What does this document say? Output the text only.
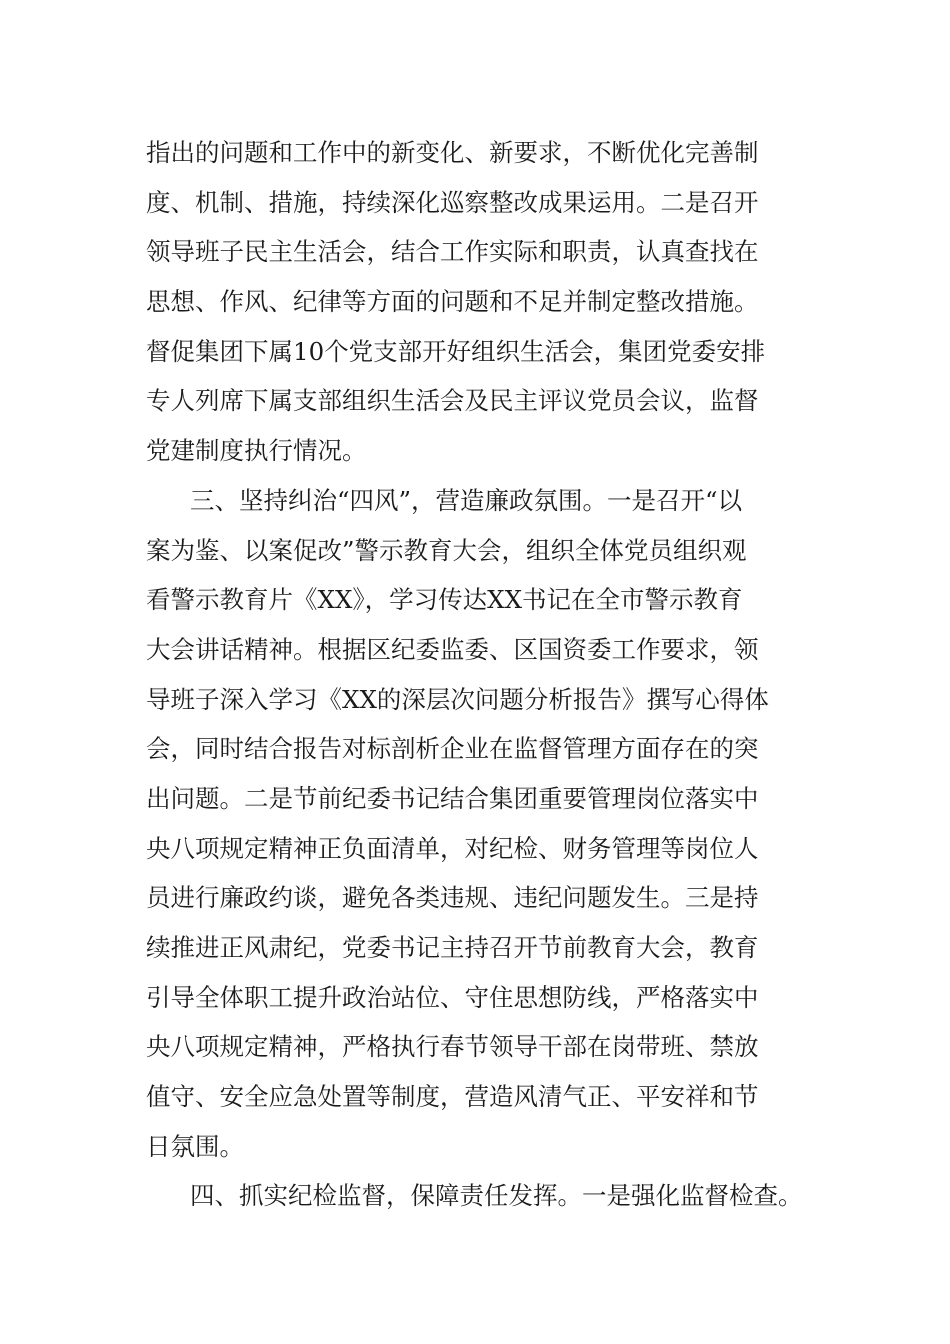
指出的问题和工作中的新变化、新要求，不断优化完善制
度、机制、措施，持续深化巡察整改成果运用。二是召开
领导班子民主生活会，结合工作实际和职责，认真查找在
思想、作风、纪律等方面的问题和不足并制定整改措施。
督促集团下属10个党支部开好组织生活会，集团党委安排
专人列席下属支部组织生活会及民主评议党员会议，监督
党建制度执行情况。
三、坚持纠治“四风”，营造廉政氛围。一是召开“以
案为鉴、以案促改”警示教育大会，组织全体党员组织观
看警示教育片《XX》，学习传达XX书记在全市警示教育
大会讲话精神。根据区纪委监委、区国资委工作要求，领
导班子深入学习《XX的深层次问题分析报告》撰写心得体
会，同时结合报告对标剖析企业在监督管理方面存在的突
出问题。二是节前纪委书记结合集团重要管理岗位落实中
央八项规定精神正负面清单，对纪检、财务管理等岗位人
员进行廉政约谈，避免各类违规、违纪问题发生。三是持
续推进正风肃纪，党委书记主持召开节前教育大会，教育
引导全体职工提升政治站位、守住思想防线，严格落实中
央八项规定精神，严格执行春节领导干部在岗带班、禁放
值守、安全应急处置等制度，营造风清气正、平安祥和节
日氛围。
四、抓实纪检监督，保障责任发挥。一是强化监督检查。
